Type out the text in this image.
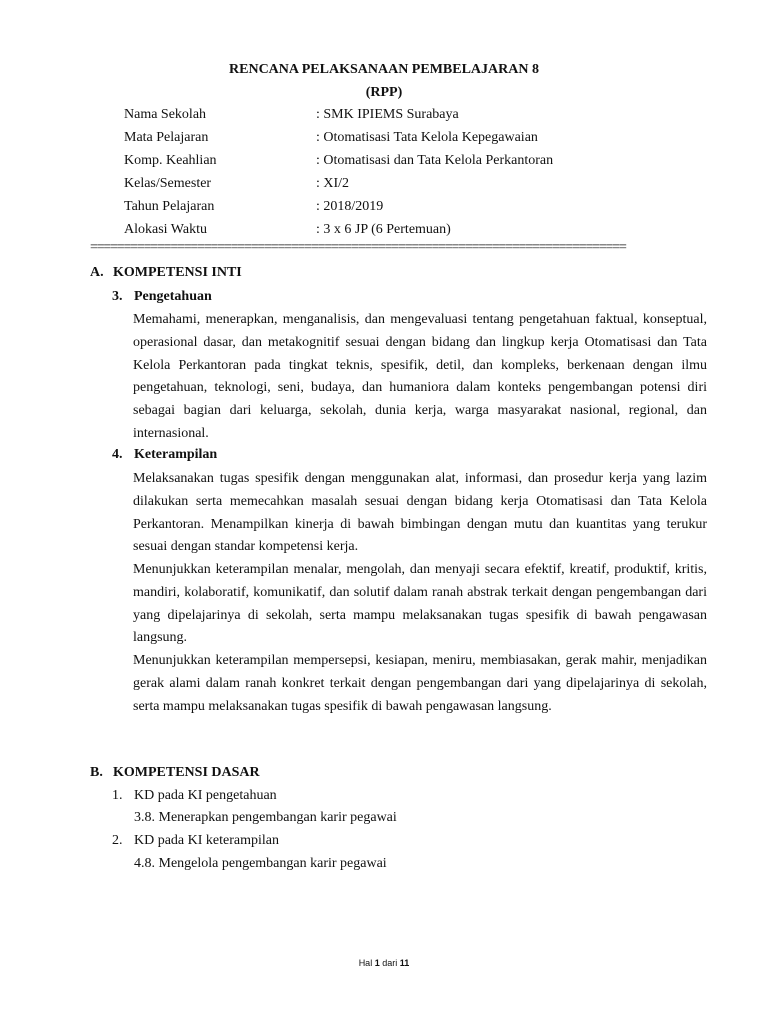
RENCANA PELAKSANAAN PEMBELAJARAN 8
(RPP)
Nama Sekolah	: SMK IPIEMS Surabaya
Mata Pelajaran	: Otomatisasi Tata Kelola Kepegawaian
Komp. Keahlian	: Otomatisasi dan Tata Kelola Perkantoran
Kelas/Semester	: XI/2
Tahun Pelajaran	: 2018/2019
Alokasi Waktu	: 3 x 6 JP (6 Pertemuan)
================================================================================
A. KOMPETENSI INTI
3. Pengetahuan
Memahami, menerapkan, menganalisis, dan mengevaluasi tentang pengetahuan faktual, konseptual, operasional dasar, dan metakognitif sesuai dengan bidang dan lingkup kerja Otomatisasi dan Tata Kelola Perkantoran pada tingkat teknis, spesifik, detil, dan kompleks, berkenaan dengan ilmu pengetahuan, teknologi, seni, budaya, dan humaniora dalam konteks pengembangan potensi diri sebagai bagian dari keluarga, sekolah, dunia kerja, warga masyarakat nasional, regional, dan internasional.
4. Keterampilan
Melaksanakan tugas spesifik dengan menggunakan alat, informasi, dan prosedur kerja yang lazim dilakukan serta memecahkan masalah sesuai dengan bidang kerja Otomatisasi dan Tata Kelola Perkantoran. Menampilkan kinerja di bawah bimbingan dengan mutu dan kuantitas yang terukur sesuai dengan standar kompetensi kerja.
Menunjukkan keterampilan menalar, mengolah, dan menyaji secara efektif, kreatif, produktif, kritis, mandiri, kolaboratif, komunikatif, dan solutif dalam ranah abstrak terkait dengan pengembangan dari yang dipelajarinya di sekolah, serta mampu melaksanakan tugas spesifik di bawah pengawasan langsung.
Menunjukkan keterampilan mempersepsi, kesiapan, meniru, membiasakan, gerak mahir, menjadikan gerak alami dalam ranah konkret terkait dengan pengembangan dari yang dipelajarinya di sekolah, serta mampu melaksanakan tugas spesifik di bawah pengawasan langsung.
B. KOMPETENSI DASAR
1. KD pada KI pengetahuan
3.8. Menerapkan pengembangan karir pegawai
2. KD pada KI keterampilan
4.8. Mengelola pengembangan karir pegawai
Hal 1 dari 11
